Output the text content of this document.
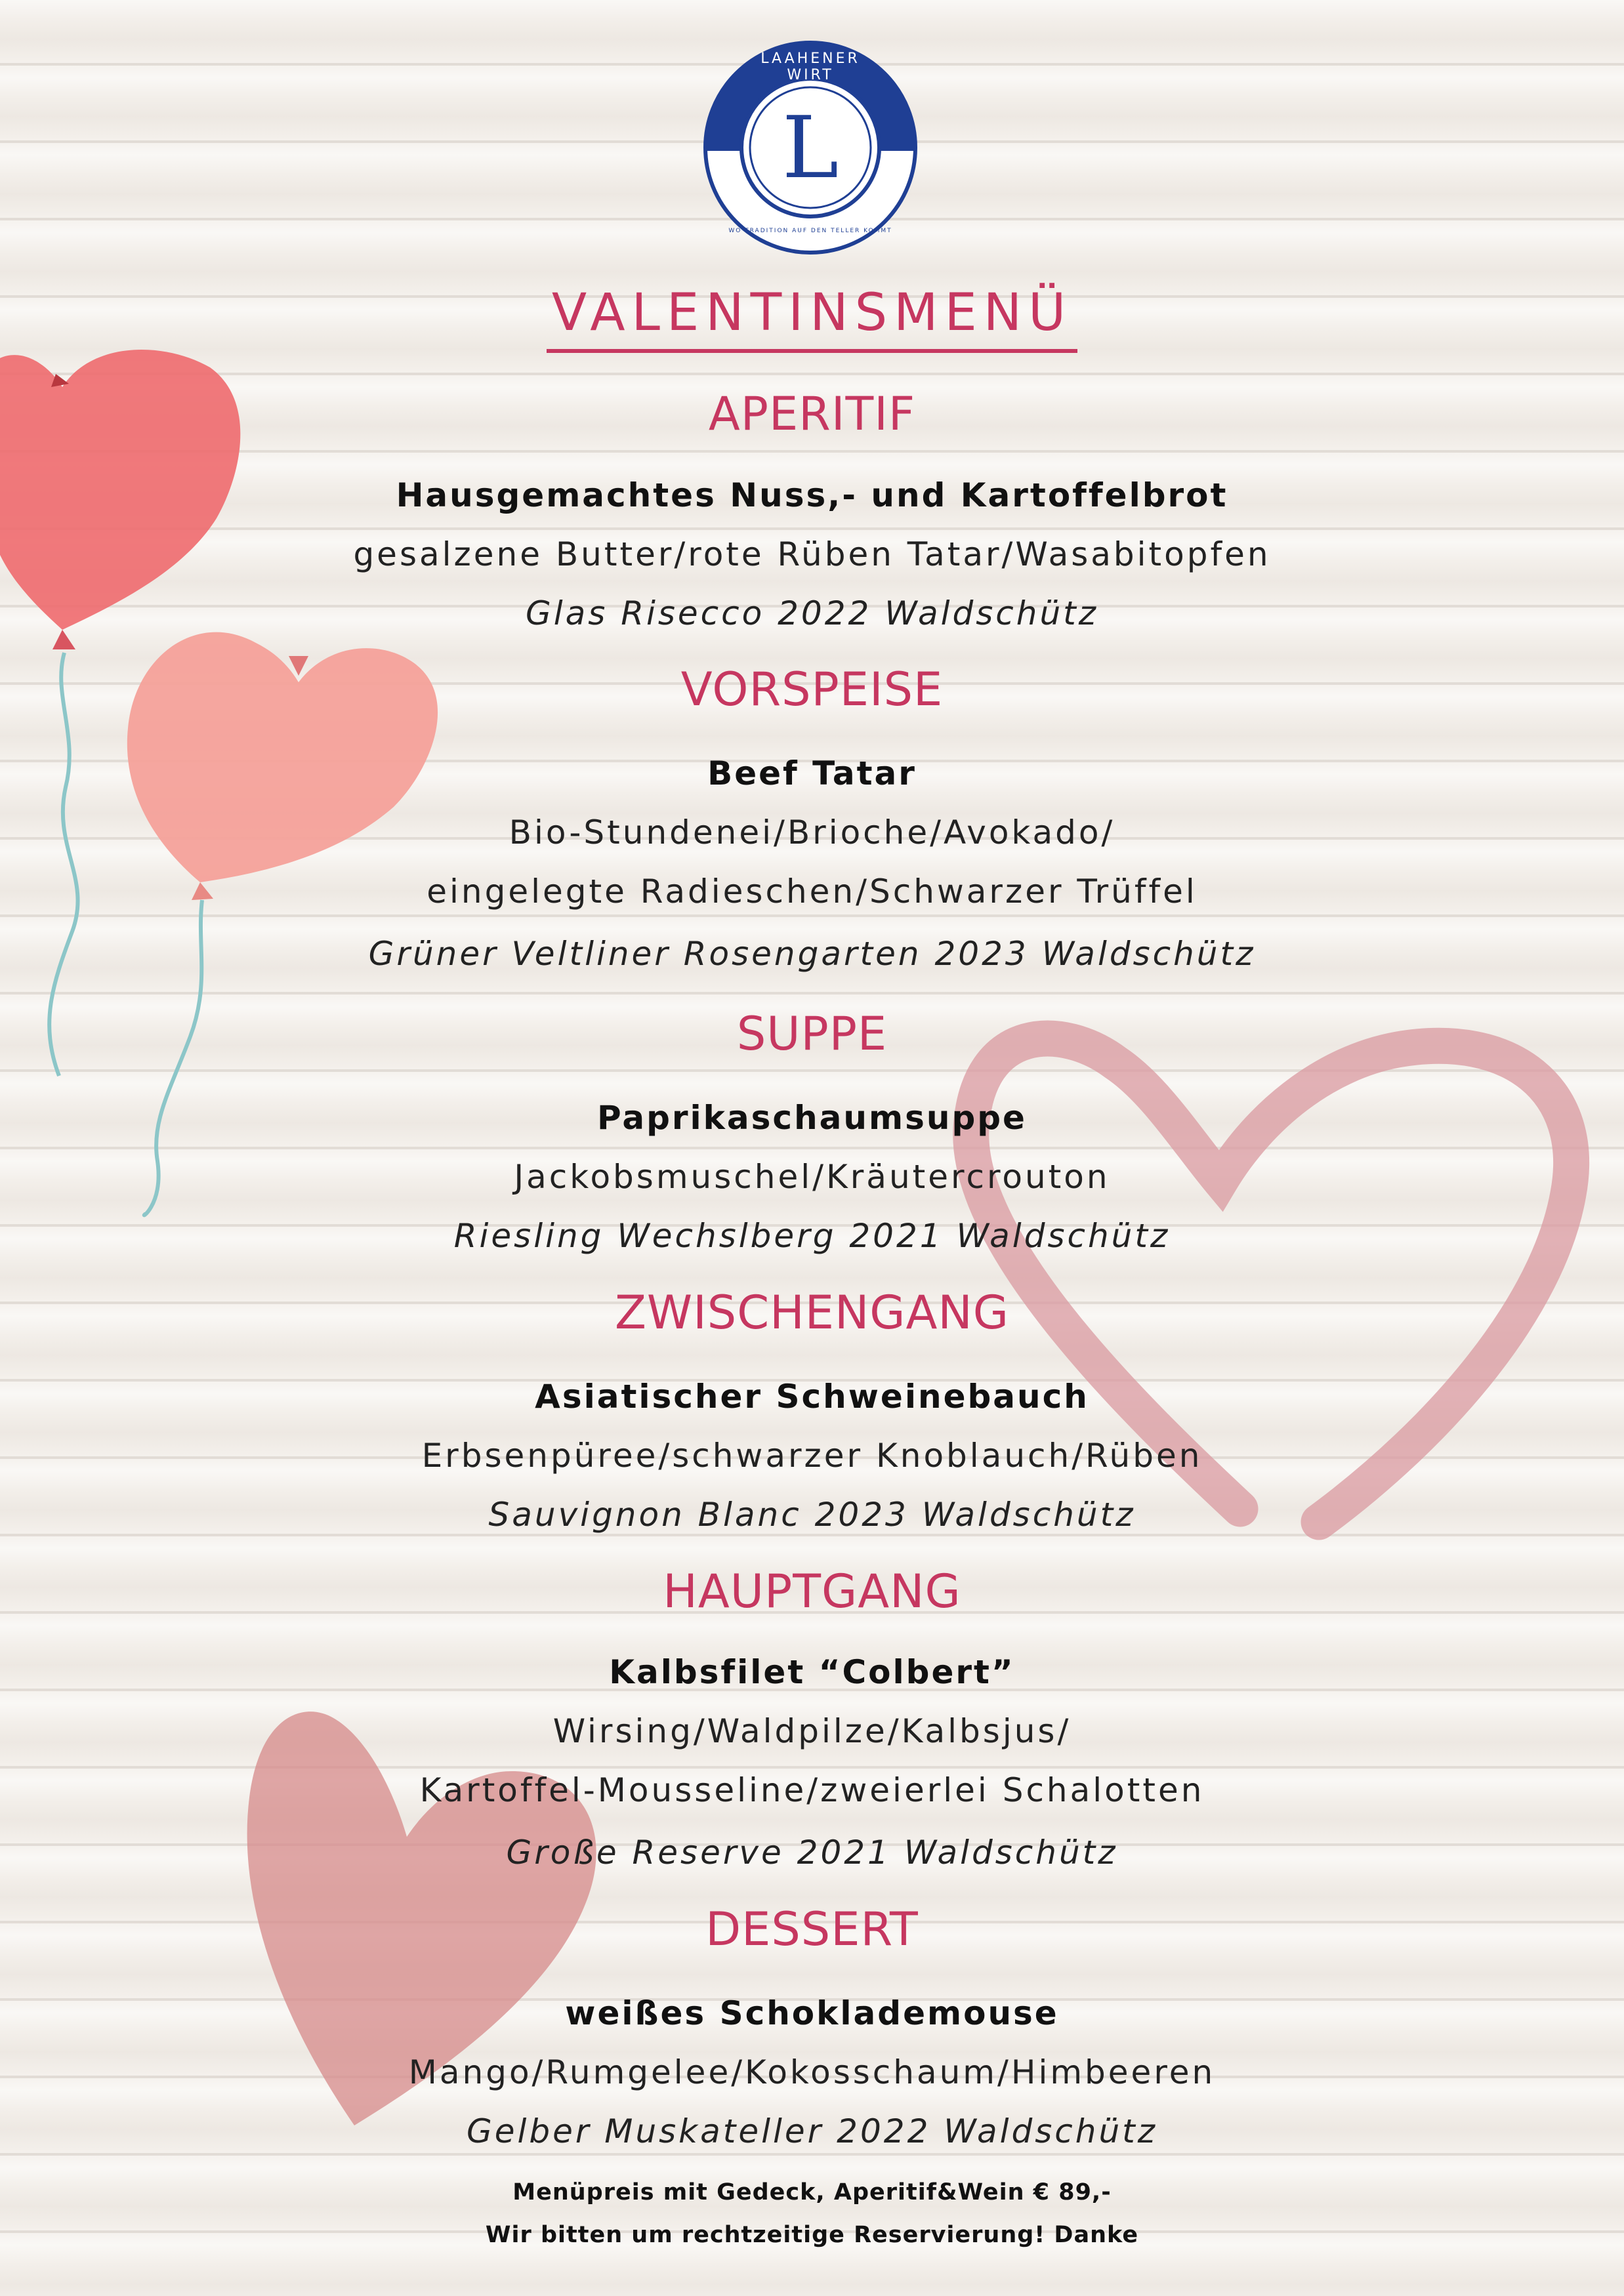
L
LAAHENER WIRT
WO TRADITION AUF DEN TELLER KOMMT
VALENTINSMENÜ
APERITIF
Hausgemachtes Nuss,- und Kartoffelbrot
gesalzene Butter/rote Rüben Tatar/Wasabitopfen
Glas Risecco 2022 Waldschütz
VORSPEISE
Beef Tatar
Bio-Stundenei/Brioche/Avokado/
eingelegte Radieschen/Schwarzer Trüffel
Grüner Veltliner Rosengarten 2023 Waldschütz
SUPPE
Paprikaschaumsuppe
Jackobsmuschel/Kräutercrouton
Riesling Wechslberg 2021 Waldschütz
ZWISCHENGANG
Asiatischer Schweinebauch
Erbsenpüree/schwarzer Knoblauch/Rüben
Sauvignon Blanc 2023 Waldschütz
HAUPTGANG
Kalbsfilet “Colbert”
Wirsing/Waldpilze/Kalbsjus/
Kartoffel-Mousseline/zweierlei Schalotten
Große Reserve 2021 Waldschütz
DESSERT
weißes Schoklademouse
Mango/Rumgelee/Kokosschaum/Himbeeren
Gelber Muskateller 2022 Waldschütz
Menüpreis mit Gedeck, Aperitif&Wein € 89,-
Wir bitten um rechtzeitige Reservierung! Danke
